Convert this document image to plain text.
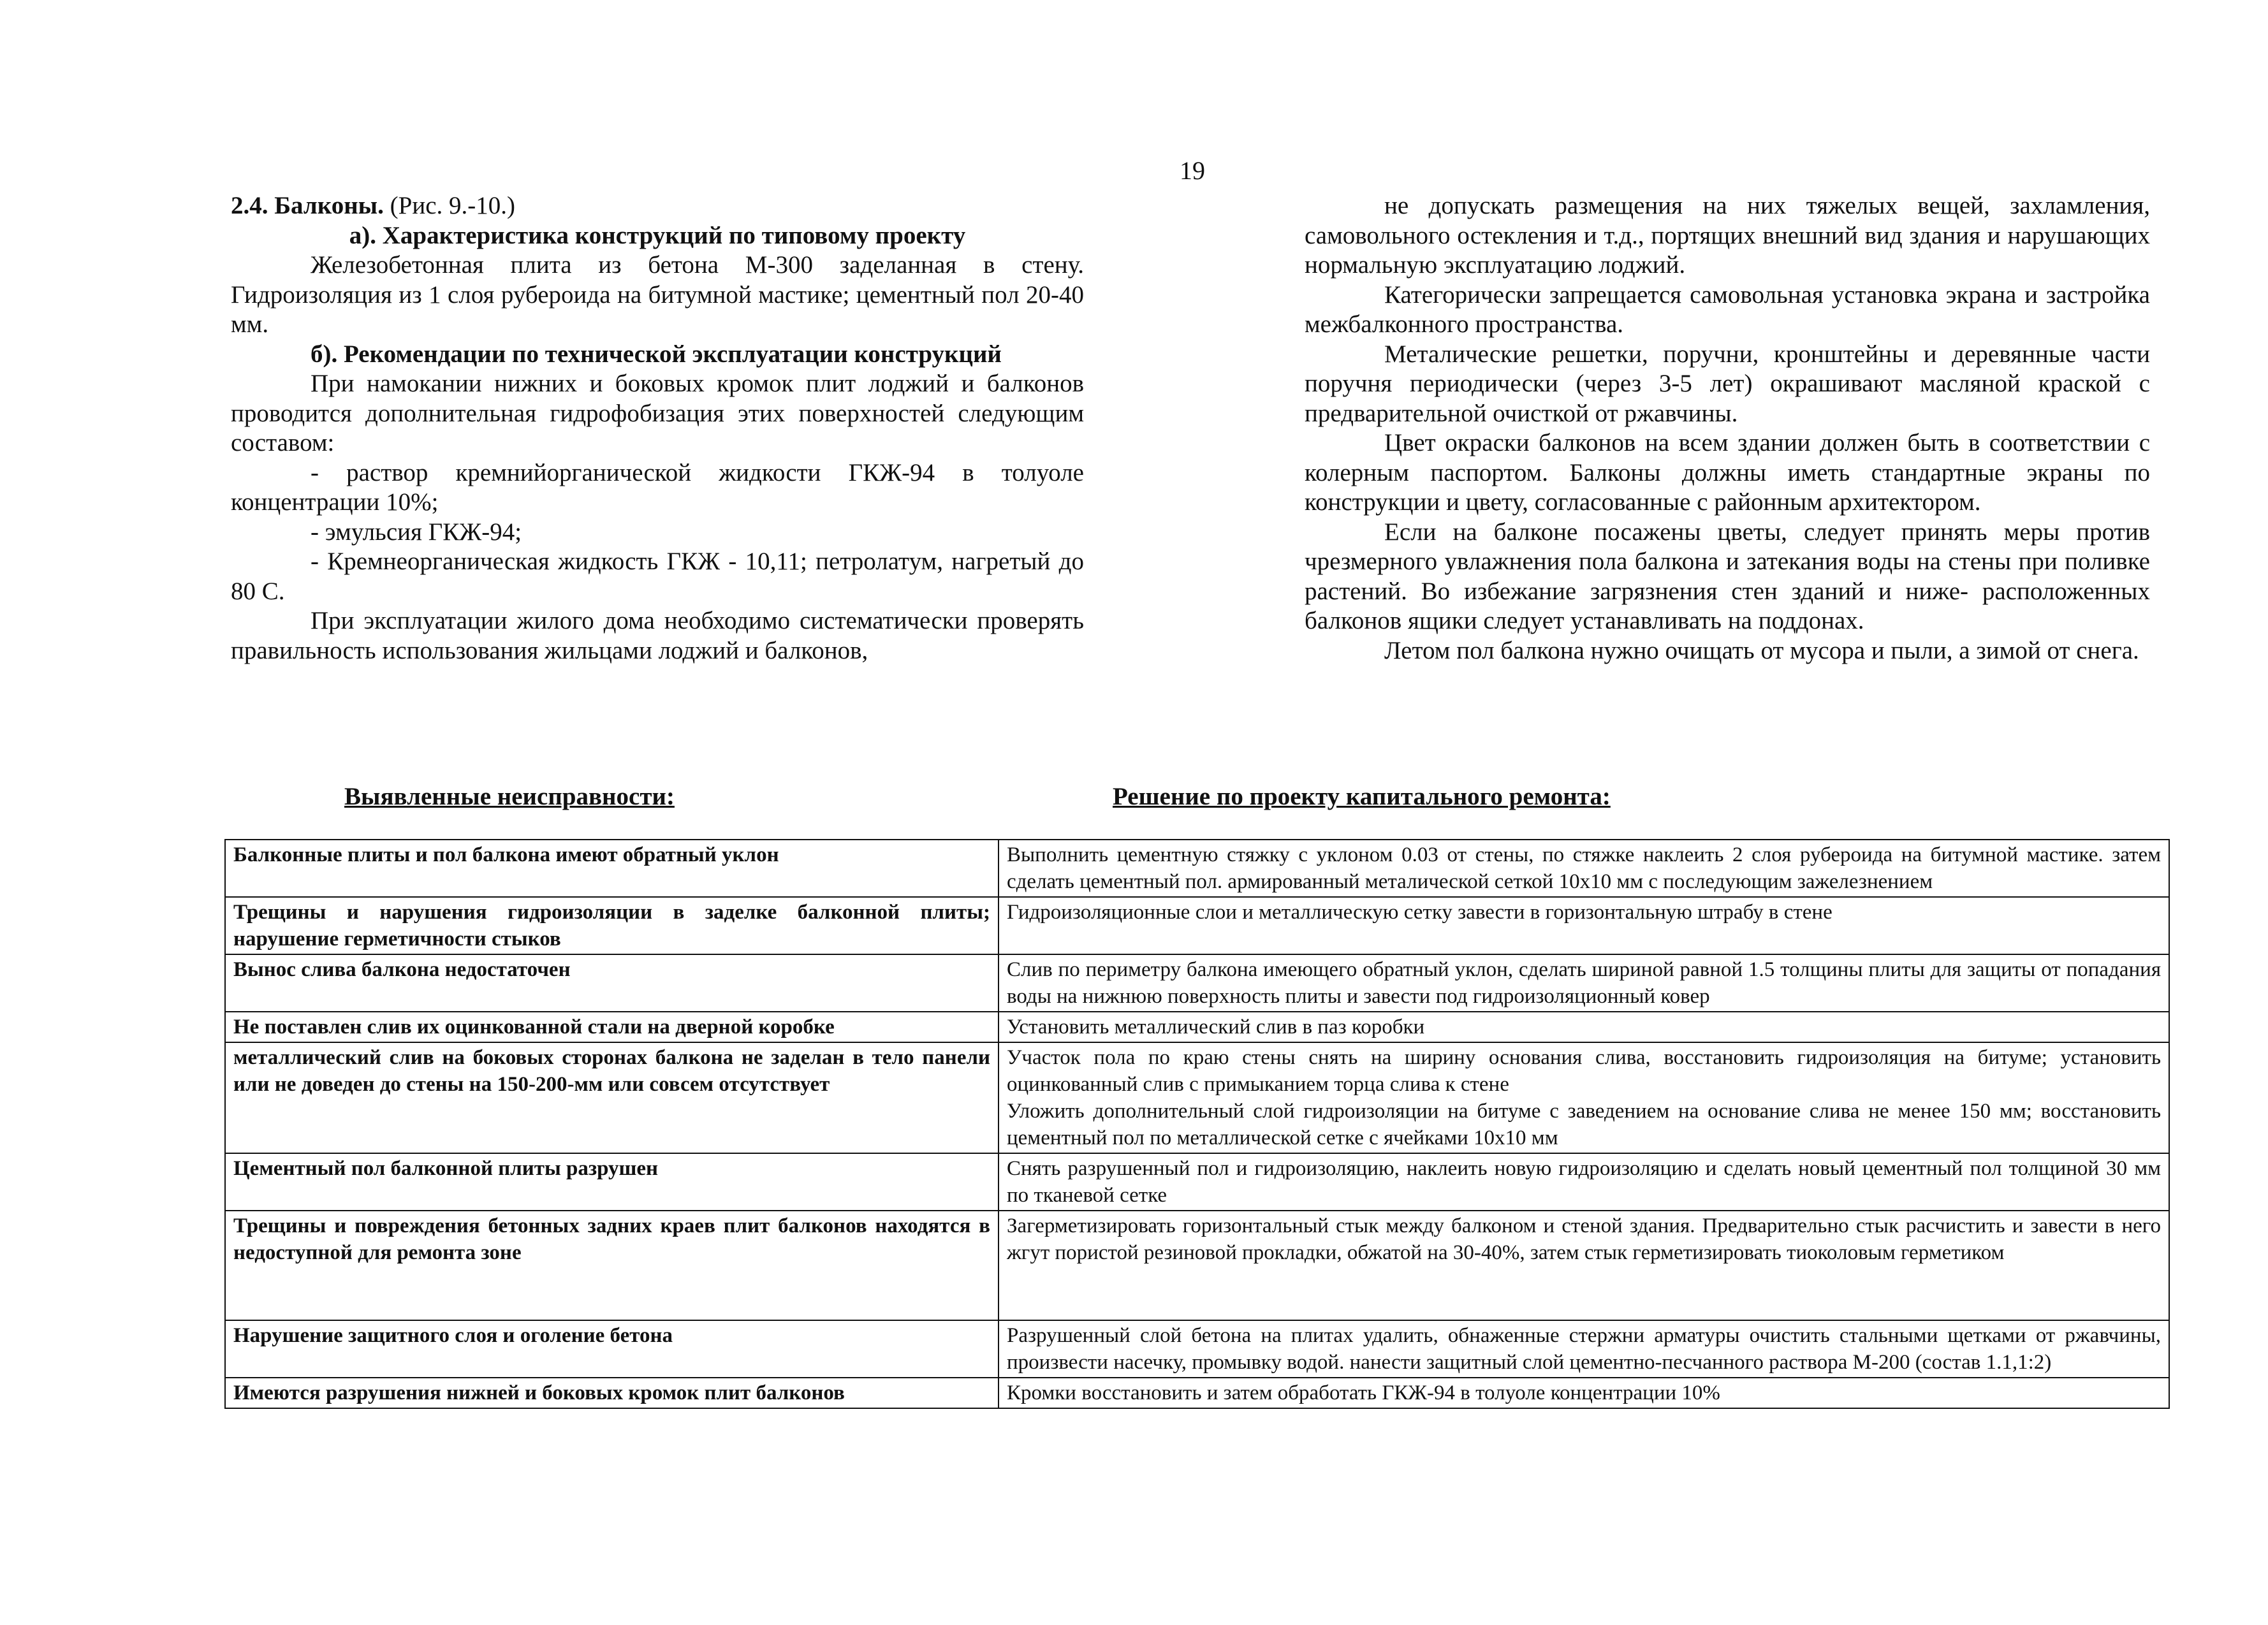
19

2.4. Балконы. (Рис. 9.-10.)

а). Характеристика конструкций по типовому проекту

Железобетонная плита из бетона М-300 заделанная в стену. Гидроизоляция из 1 слоя рубероида на битумной мастике; цементный пол 20-40 мм.

б). Рекомендации по технической эксплуатации конструкций

При намокании нижних и боковых кромок плит лоджий и балконов проводится дополнительная гидрофобизация этих поверхностей следующим составом:

- раствор кремнийорганической жидкости ГКЖ-94 в толуоле концентрации 10%;

- эмульсия ГКЖ-94;

- Кремнеорганическая жидкость ГКЖ - 10,11; петролатум, нагретый до 80 С.

При эксплуатации жилого дома необходимо систематически проверять правильность использования жильцами лоджий и балконов,

не допускать размещения на них тяжелых вещей, захламления, самовольного остекления и т.д., портящих внешний вид здания и нарушающих нормальную эксплуатацию лоджий.

Категорически запрещается самовольная установка экрана и застройка межбалконного пространства.

Металические решетки, поручни, кронштейны и деревянные части поручня периодически (через 3-5 лет) окрашивают масляной краской с предварительной очисткой от ржавчины.

Цвет окраски балконов на всем здании должен быть в соответствии с колерным паспортом. Балконы должны иметь стандартные экраны по конструкции и цвету, согласованные с районным архитектором.

Если на балконе посажены цветы, следует принять меры против чрезмерного увлажнения пола балкона и затекания воды на стены при поливке растений. Во избежание загрязнения стен зданий и ниже- расположенных балконов ящики следует устанавливать на поддонах.

Летом пол балкона нужно очищать от мусора и пыли, а зимой от снега.

Выявленные неисправности:	Решение по проекту капитального ремонта:
Балконные плиты и пол балкона имеют обратный уклон	Выполнить цементную стяжку с уклоном 0.03 от стены, по стяжке наклеить 2 слоя рубероида на битумной мастике. затем сделать цементный пол. армированный металической сеткой 10х10 мм с последующим зажелезнением
Трещины и нарушения гидроизоляции в заделке балконной плиты; нарушение герметичности стыков	Гидроизоляционные слои и металлическую сетку завести в горизонтальную штрабу в стене
Вынос слива балкона недостаточен	Слив по периметру балкона имеющего обратный уклон, сделать шириной равной 1.5 толщины плиты для защиты от попадания воды на нижнюю поверхность плиты и завести под гидроизоляционный ковер
Не поставлен слив их оцинкованной стали на дверной коробке	Установить металлический слив в паз коробки
металлический слив на боковых сторонах балкона не заделан в тело панели или не доведен до стены на 150-200-мм или совсем отсутствует	Участок пола по краю стены снять на ширину основания слива, восстановить гидроизоляция на битуме; установить оцинкованный слив с примыканием торца слива к стене
Уложить дополнительный слой гидроизоляции на битуме с заведением на основание слива не менее 150 мм; восстановить цементный пол по металлической сетке с ячейками 10х10 мм

Цементный пол балконной плиты разрушен	Снять разрушенный пол и гидроизоляцию, наклеить новую гидроизоляцию и сделать новый цементный пол толщиной 30 мм по тканевой сетке
Трещины и повреждения бетонных задних краев плит балконов находятся в недоступной для ремонта зоне	Загерметизировать горизонтальный стык между балконом и стеной здания. Предварительно стык расчистить и завести в него жгут пористой резиновой прокладки, обжатой на 30-40%, затем стык герметизировать тиоколовым герметиком
Нарушение защитного слоя и оголение бетона	Разрушенный слой бетона на плитах удалить, обнаженные стержни арматуры очистить стальными щетками от ржавчины, произвести насечку, промывку водой. нанести защитный слой цементно-песчанного раствора М-200 (состав 1.1,1:2)
Имеются разрушения нижней и боковых кромок плит балконов	Кромки восстановить и затем обработать ГКЖ-94 в толуоле концентрации 10%
